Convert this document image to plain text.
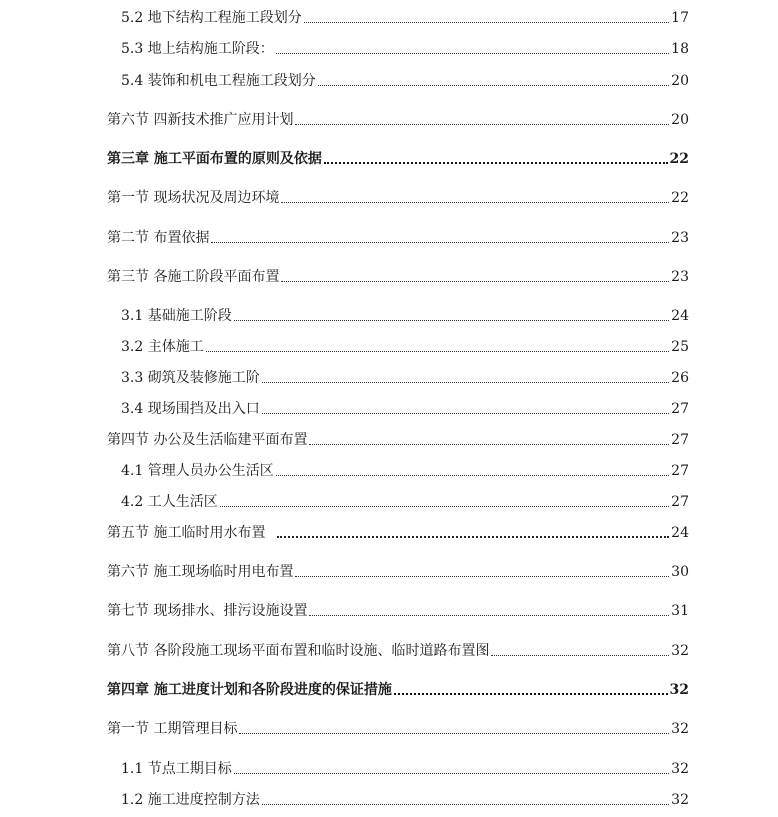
5.2 地下结构工程施工段划分	17
5.3 地上结构施工阶段：	18
5.4 装饰和机电工程施工段划分	20
第六节 四新技术推广应用计划	20
第三章 施工平面布置的原则及依据	22
第一节 现场状况及周边环境	22
第二节 布置依据	23
第三节 各施工阶段平面布置	23
3.1 基础施工阶段	24
3.2 主体施工	25
3.3 砌筑及装修施工阶	26
3.4 现场围挡及出入口	27
第四节 办公及生活临建平面布置	27
4.1 管理人员办公生活区	27
4.2 工人生活区	27
第五节 施工临时用水布置	24
第六节 施工现场临时用电布置	30
第七节 现场排水、排污设施设置	31
第八节 各阶段施工现场平面布置和临时设施、临时道路布置图	32
第四章 施工进度计划和各阶段进度的保证措施	32
第一节 工期管理目标	32
1.1 节点工期目标	32
1.2 施工进度控制方法	32
